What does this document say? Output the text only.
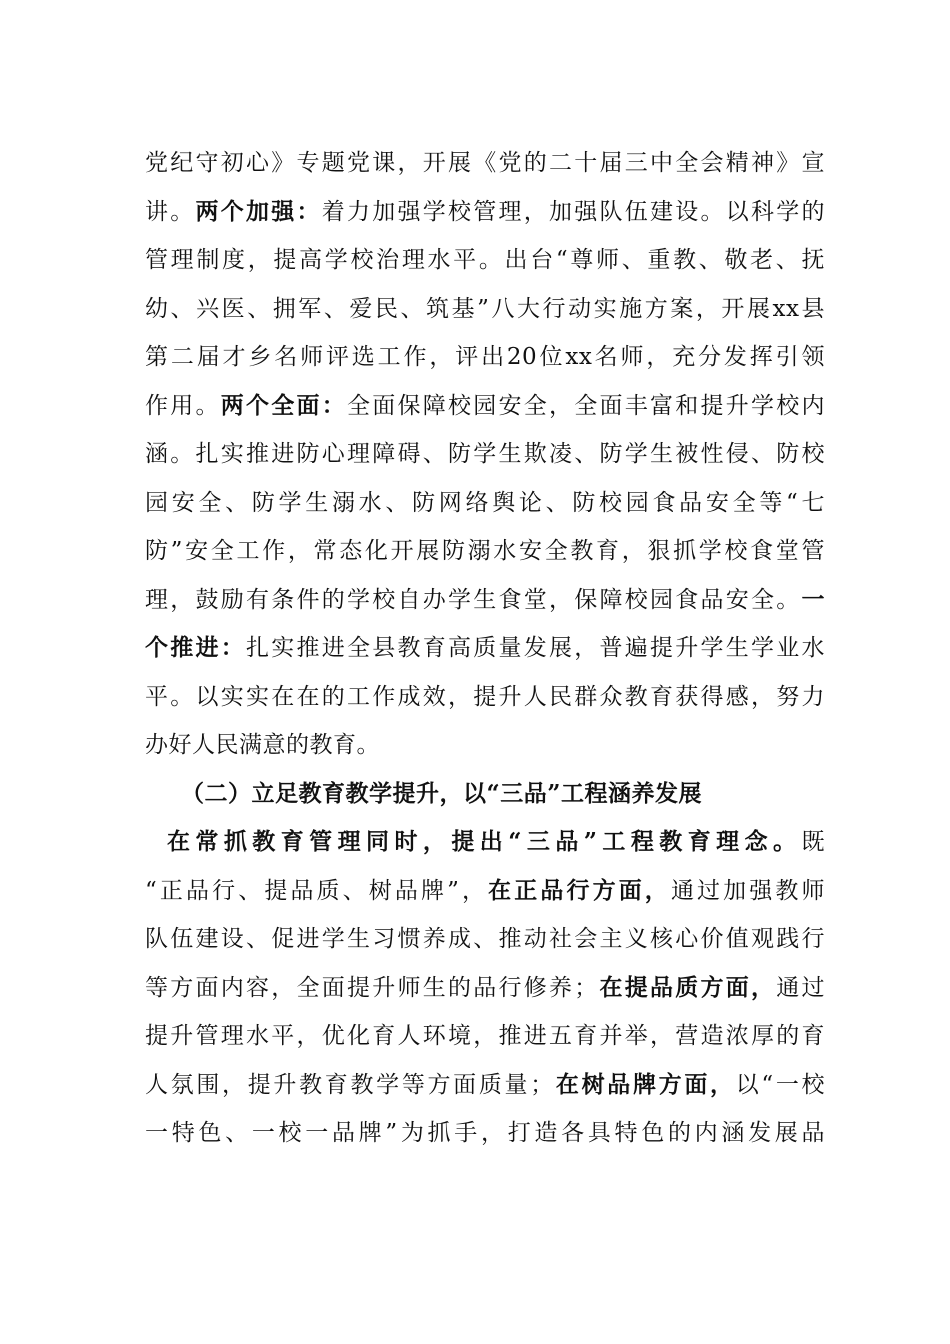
党纪守初心》专题党课，开展《党的二十届三中全会精神》宣
讲。两个加强：着力加强学校管理，加强队伍建设。以科学的
管理制度，提高学校治理水平。出台“尊师、重教、敬老、抚
幼、兴医、拥军、爱民、筑基”八大行动实施方案，开展xx县
第二届才乡名师评选工作，评出20位xx名师，充分发挥引领
作用。两个全面：全面保障校园安全，全面丰富和提升学校内
涵。扎实推进防心理障碍、防学生欺凌、防学生被性侵、防校
园安全、防学生溺水、防网络舆论、防校园食品安全等“七
防”安全工作，常态化开展防溺水安全教育，狠抓学校食堂管
理，鼓励有条件的学校自办学生食堂，保障校园食品安全。一
个推进：扎实推进全县教育高质量发展，普遍提升学生学业水
平。以实实在在的工作成效，提升人民群众教育获得感，努力
办好人民满意的教育。
（二）立足教育教学提升，以“三品”工程涵养发展
在常抓教育管理同时，提出“三品”工程教育理念。既
“正品行、提品质、树品牌”，在正品行方面，通过加强教师
队伍建设、促进学生习惯养成、推动社会主义核心价值观践行
等方面内容，全面提升师生的品行修养；在提品质方面，通过
提升管理水平，优化育人环境，推进五育并举，营造浓厚的育
人氛围，提升教育教学等方面质量；在树品牌方面，以“一校
一特色、一校一品牌”为抓手，打造各具特色的内涵发展品
